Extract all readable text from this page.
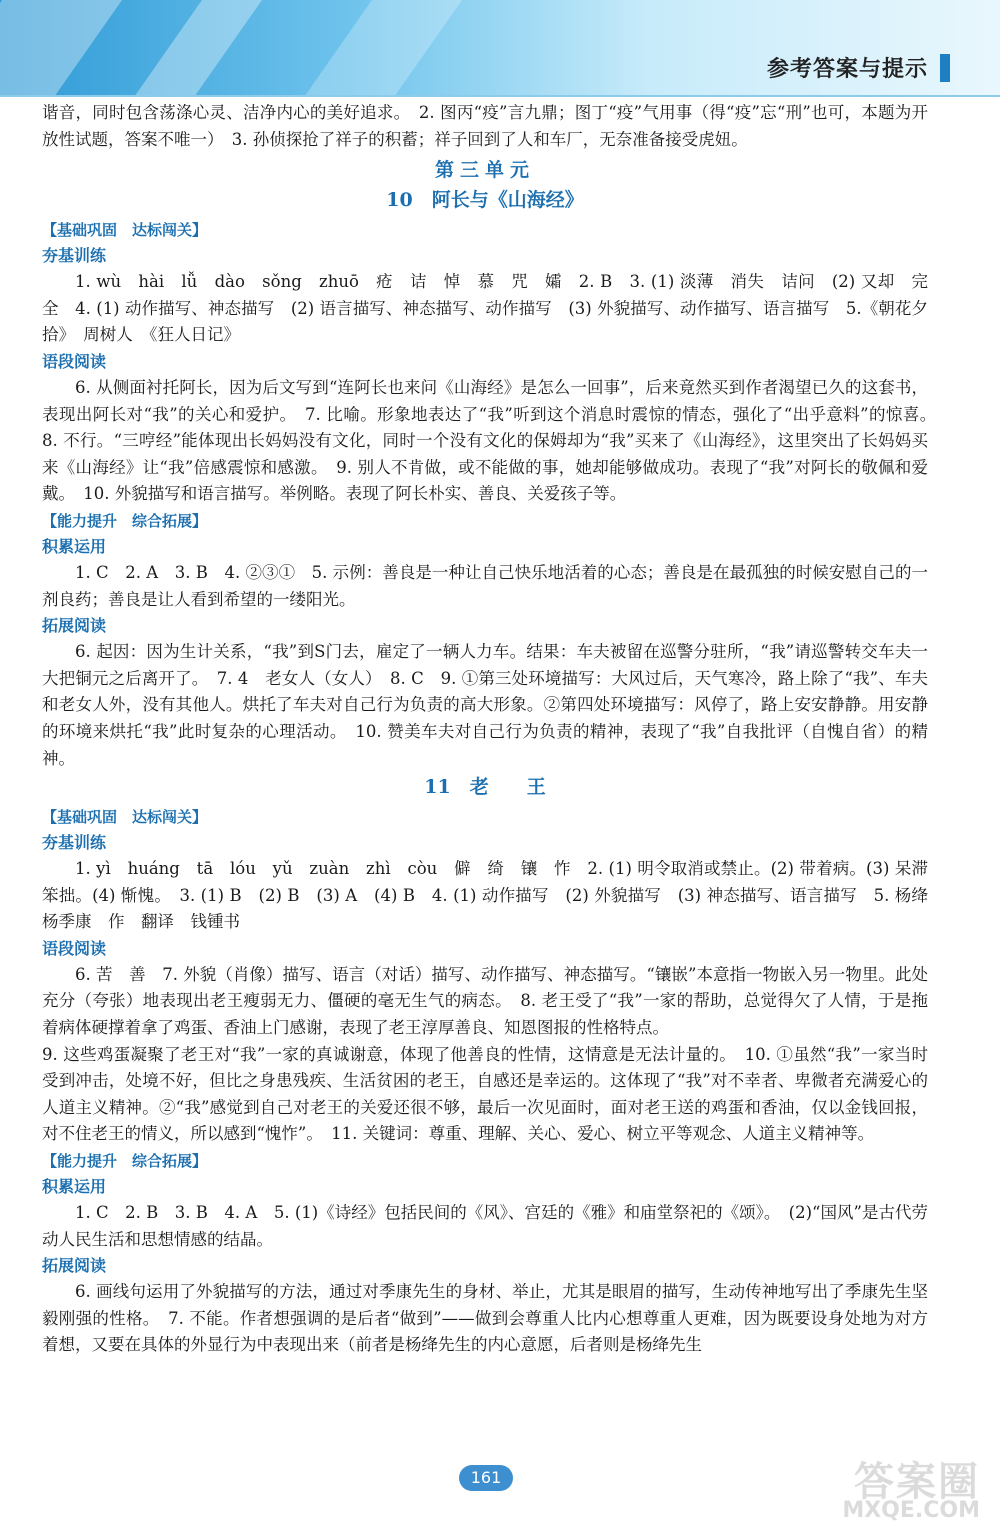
参考答案与提示

谐音，同时包含荡涤心灵、洁净内心的美好追求。　2. 图丙“疫”言九鼎；图丁“疫”气用事（得“疫”忘“刑”也可，本题为开放性试题，答案不唯一）　3. 孙侦探抢了祥子的积蓄；祥子回到了人和车厂，无奈准备接受虎妞。

第三单元
10　阿长与《山海经》
【基础巩固　达标闯关】
夯基训练

1. wù　hài　lǚ　dào　sǒng　zhuō　疮　诘　悼　慕　咒　孀　2. B　3. (1) 淡薄　消失　诘问　(2) 又却　完全　4. (1) 动作描写、神态描写　(2) 语言描写、神态描写、动作描写　(3) 外貌描写、动作描写、语言描写　5.《朝花夕拾》　周树人　《狂人日记》

语段阅读

6. 从侧面衬托阿长，因为后文写到“连阿长也来问《山海经》是怎么一回事”，后来竟然买到作者渴望已久的这套书，表现出阿长对“我”的关心和爱护。　7. 比喻。形象地表达了“我”听到这个消息时震惊的情态，强化了“出乎意料”的惊喜。　8. 不行。“三哼经”能体现出长妈妈没有文化，同时一个没有文化的保姆却为“我”买来了《山海经》，这里突出了长妈妈买来《山海经》让“我”倍感震惊和感激。　9. 别人不肯做，或不能做的事，她却能够做成功。表现了“我”对阿长的敬佩和爱戴。　10. 外貌描写和语言描写。举例略。表现了阿长朴实、善良、关爱孩子等。

【能力提升　综合拓展】
积累运用

1. C　2. A　3. B　4. ②③①　5. 示例：善良是一种让自己快乐地活着的心态；善良是在最孤独的时候安慰自己的一剂良药；善良是让人看到希望的一缕阳光。

拓展阅读

6. 起因：因为生计关系，“我”到S门去，雇定了一辆人力车。结果：车夫被留在巡警分驻所，“我”请巡警转交车夫一大把铜元之后离开了。　7. 4　老女人（女人）　8. C　9. ①第三处环境描写：大风过后，天气寒冷，路上除了“我”、车夫和老女人外，没有其他人。烘托了车夫对自己行为负责的高大形象。②第四处环境描写：风停了，路上安安静静。用安静的环境来烘托“我”此时复杂的心理活动。　10. 赞美车夫对自己行为负责的精神，表现了“我”自我批评（自愧自省）的精神。

11　老　　王
【基础巩固　达标闯关】
夯基训练

1. yì　huáng　tā　lóu　yǔ　zuàn　zhì　còu　僻　绮　镶　怍　2. (1) 明令取消或禁止。(2) 带着病。(3) 呆滞笨拙。(4) 惭愧。　3. (1) B　(2) B　(3) A　(4) B　4. (1) 动作描写　(2) 外貌描写　(3) 神态描写、语言描写　5. 杨绛　杨季康　作　翻译　钱锺书

语段阅读

6. 苦　善　7. 外貌（肖像）描写、语言（对话）描写、动作描写、神态描写。“镶嵌”本意指一物嵌入另一物里。此处充分（夸张）地表现出老王瘦弱无力、僵硬的毫无生气的病态。　8. 老王受了“我”一家的帮助，总觉得欠了人情，于是拖着病体硬撑着拿了鸡蛋、香油上门感谢，表现了老王淳厚善良、知恩图报的性格特点。

9. 这些鸡蛋凝聚了老王对“我”一家的真诚谢意，体现了他善良的性情，这情意是无法计量的。　10. ①虽然“我”一家当时受到冲击，处境不好，但比之身患残疾、生活贫困的老王，自感还是幸运的。这体现了“我”对不幸者、卑微者充满爱心的人道主义精神。②“我”感觉到自己对老王的关爱还很不够，最后一次见面时，面对老王送的鸡蛋和香油，仅以金钱回报，对不住老王的情义，所以感到“愧怍”。　11. 关键词：尊重、理解、关心、爱心、树立平等观念、人道主义精神等。

【能力提升　综合拓展】
积累运用

1. C　2. B　3. B　4. A　5. (1)《诗经》包括民间的《风》、宫廷的《雅》和庙堂祭祀的《颂》。　(2)“国风”是古代劳动人民生活和思想情感的结晶。

拓展阅读

6. 画线句运用了外貌描写的方法，通过对季康先生的身材、举止，尤其是眼眉的描写，生动传神地写出了季康先生坚毅刚强的性格。　7. 不能。作者想强调的是后者“做到”——做到会尊重人比内心想尊重人更难，因为既要设身处地为对方着想，又要在具体的外显行为中表现出来（前者是杨绛先生的内心意愿，后者则是杨绛先生

161	答案圈
MXQE.COM
